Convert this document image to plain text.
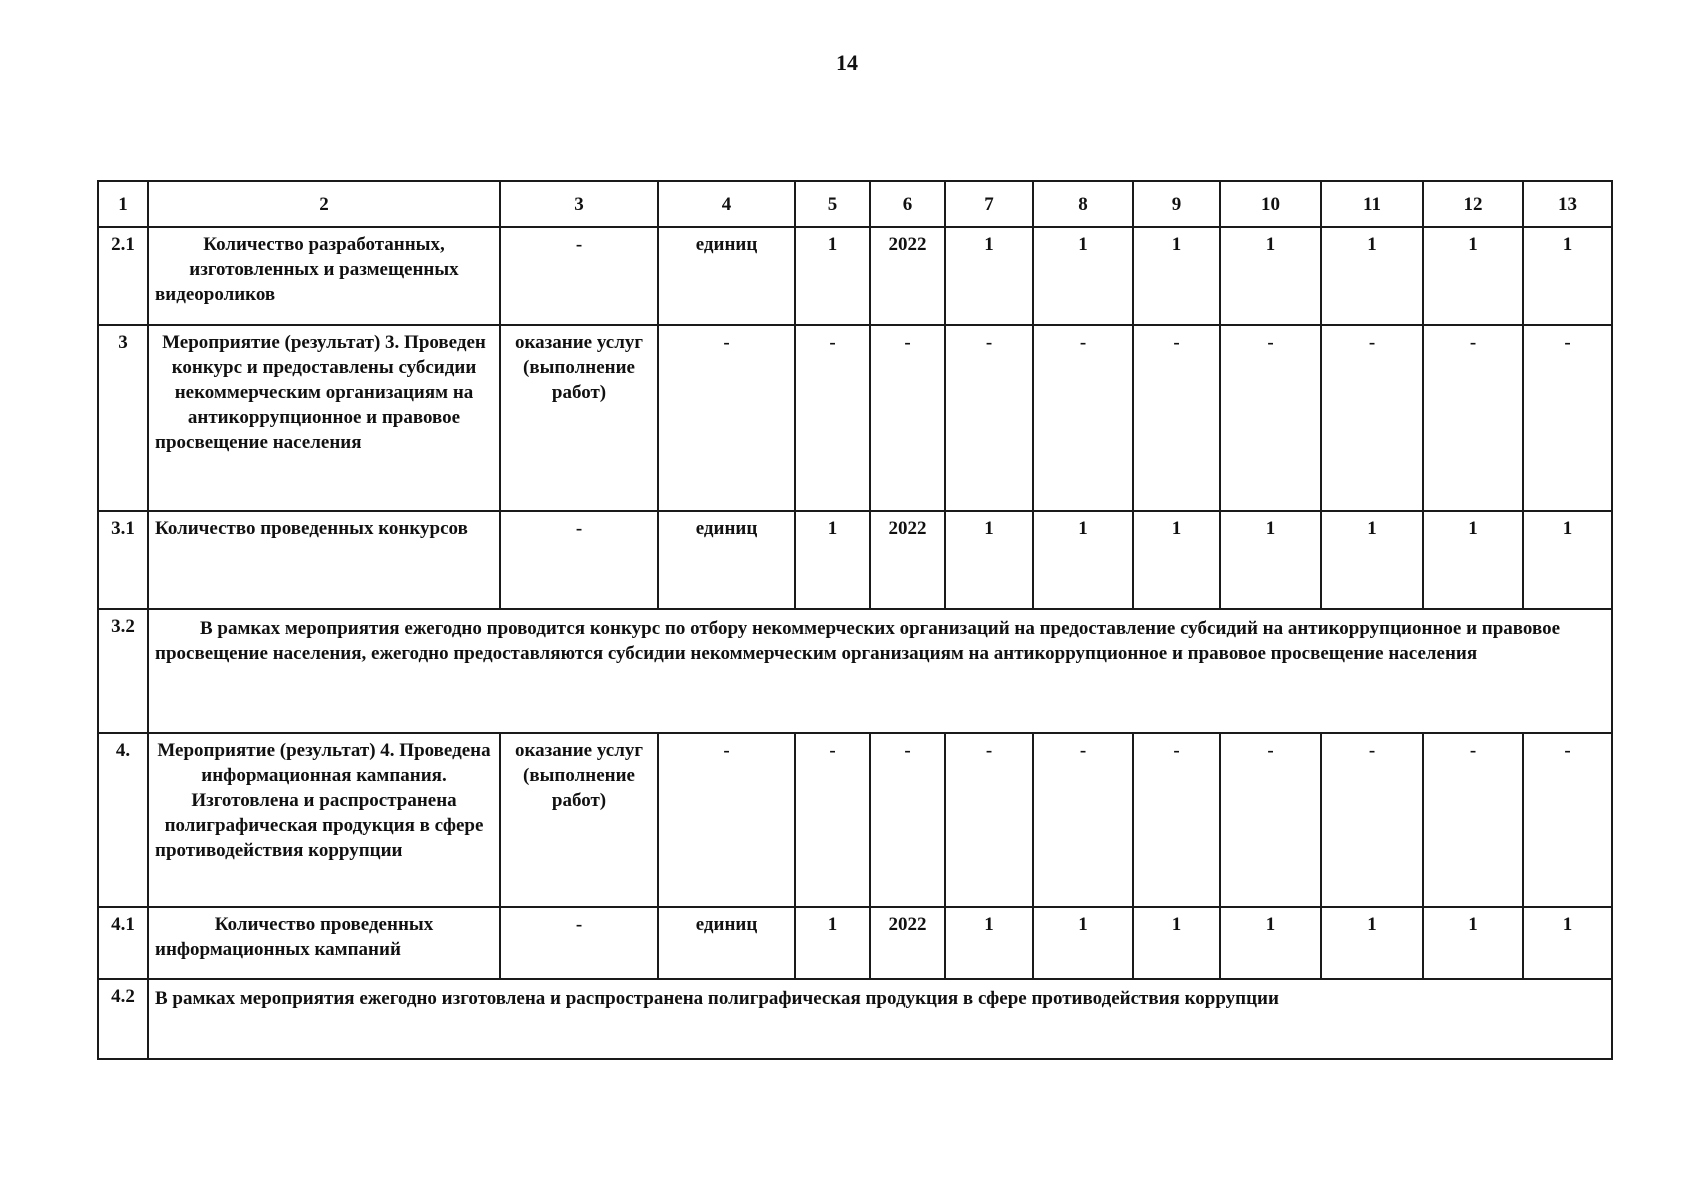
14
1	2	3	4	5	6	7	8	9	10	11	12	13
2.1	Количество разработанных, изготовленных и размещенных видеороликов	-	единиц	1	2022	1	1	1	1	1	1	1
3	Мероприятие (результат) 3. Проведен конкурс и предоставлены субсидии некоммерческим организациям на антикоррупционное и правовое просвещение населения	оказание услуг (выполнение работ)	-	-	-	-	-	-	-	-	-	-
3.1	Количество проведенных конкурсов	-	единиц	1	2022	1	1	1	1	1	1	1
3.2	В рамках мероприятия ежегодно проводится конкурс по отбору некоммерческих организаций на предоставление субсидий на антикоррупционное и правовое просвещение населения, ежегодно предоставляются субсидии некоммерческим организациям на антикоррупционное и правовое просвещение населения											
4.	Мероприятие (результат) 4. Проведена информационная кампания. Изготовлена и распространена полиграфическая продукция в сфере противодействия коррупции	оказание услуг (выполнение работ)	-	-	-	-	-	-	-	-	-	-
4.1	Количество проведенных информационных кампаний	-	единиц	1	2022	1	1	1	1	1	1	1
4.2	В рамках мероприятия ежегодно изготовлена и распространена полиграфическая продукция в сфере противодействия коррупции											
